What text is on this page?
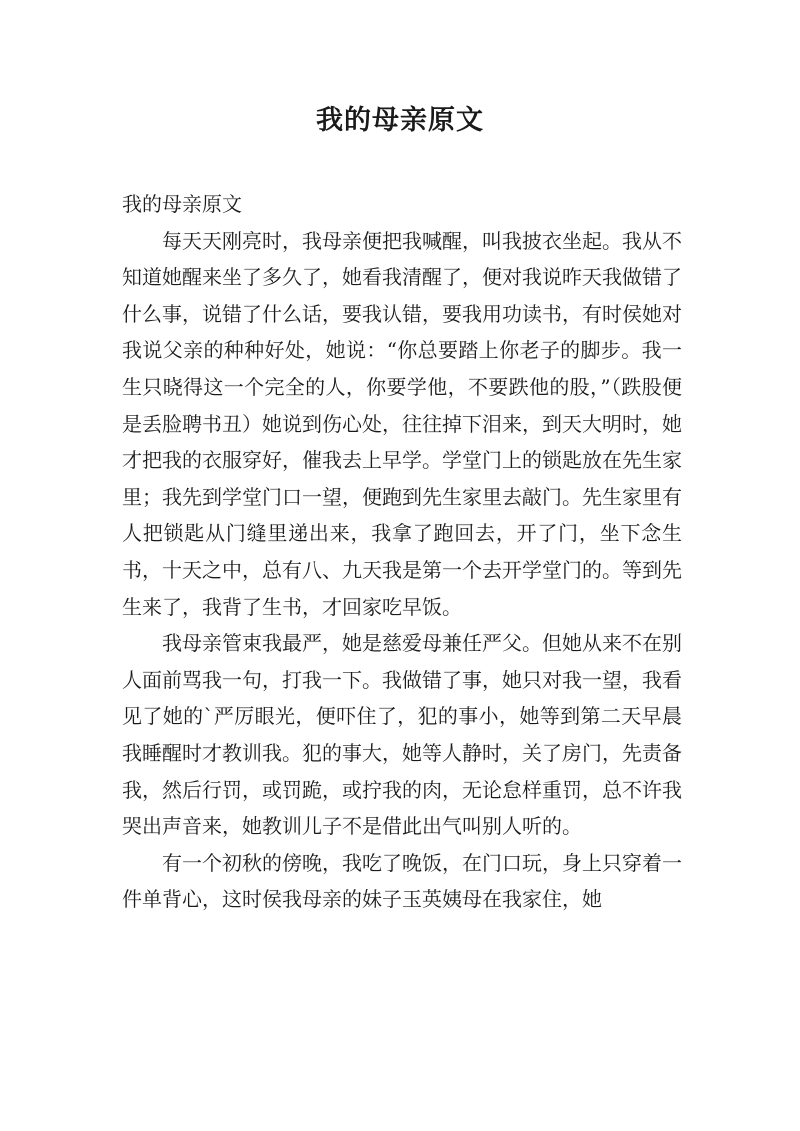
我的母亲原文

我的母亲原文

每天天刚亮时，我母亲便把我喊醒，叫我披衣坐起。我从不知道她醒来坐了多久了，她看我清醒了，便对我说昨天我做错了什么事，说错了什么话，要我认错，要我用功读书，有时侯她对我说父亲的种种好处，她说：“你总要踏上你老子的脚步。我一生只晓得这一个完全的人，你要学他，不要跌他的股，”（跌股便是丢脸聘书丑）她说到伤心处，往往掉下泪来，到天大明时，她才把我的衣服穿好，催我去上早学。学堂门上的锁匙放在先生家里；我先到学堂门口一望，便跑到先生家里去敲门。先生家里有人把锁匙从门缝里递出来，我拿了跑回去，开了门，坐下念生书，十天之中，总有八、九天我是第一个去开学堂门的。等到先生来了，我背了生书，才回家吃早饭。

我母亲管束我最严，她是慈爱母兼任严父。但她从来不在别人面前骂我一句，打我一下。我做错了事，她只对我一望，我看见了她的`严厉眼光，便吓住了，犯的事小，她等到第二天早晨我睡醒时才教训我。犯的事大，她等人静时，关了房门，先责备我，然后行罚，或罚跪，或拧我的肉，无论怠样重罚，总不许我哭出声音来，她教训儿子不是借此出气叫别人听的。

有一个初秋的傍晚，我吃了晚饭，在门口玩，身上只穿着一件单背心，这时侯我母亲的妹子玉英姨母在我家住，她
